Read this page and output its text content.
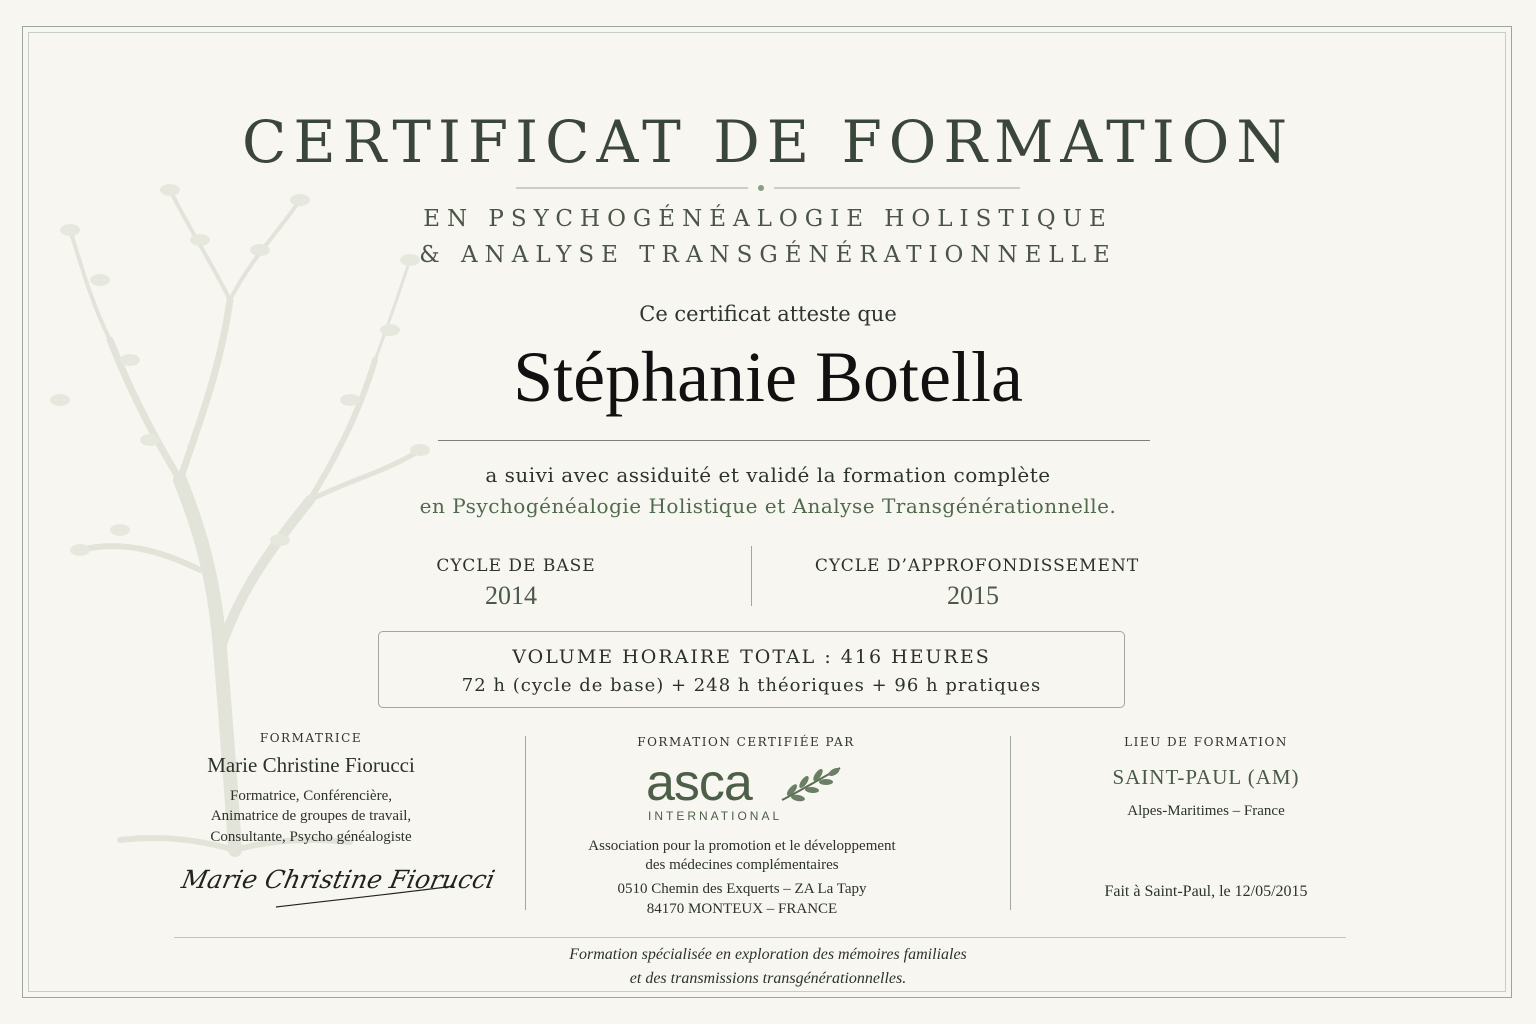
CERTIFICAT DE FORMATION
EN PSYCHOGÉNÉALOGIE HOLISTIQUE
& ANALYSE TRANSGÉNÉRATIONNELLE
Ce certificat atteste que
Stéphanie Botella
a suivi avec assiduité et validé la formation complète
en Psychogénéalogie Holistique et Analyse Transgénérationnelle.
CYCLE DE BASE
2014
CYCLE D’APPROFONDISSEMENT
2015
VOLUME HORAIRE TOTAL : 416 HEURES
72 h (cycle de base) + 248 h théoriques + 96 h pratiques
FORMATRICE
Marie Christine Fiorucci
Formatrice, Conférencière,
Animatrice de groupes de travail,
Consultante, Psycho généalogiste
Marie Christine Fiorucci
FORMATION CERTIFIÉE PAR
asca
INTERNATIONAL
Association pour la promotion et le développement
des médecines complémentaires
0510 Chemin des Exquerts – ZA La Tapy
84170 MONTEUX – FRANCE
LIEU DE FORMATION
SAINT-PAUL (AM)
Alpes-Maritimes – France
Fait à Saint-Paul, le 12/05/2015
Formation spécialisée en exploration des mémoires familiales
et des transmissions transgénérationnelles.
